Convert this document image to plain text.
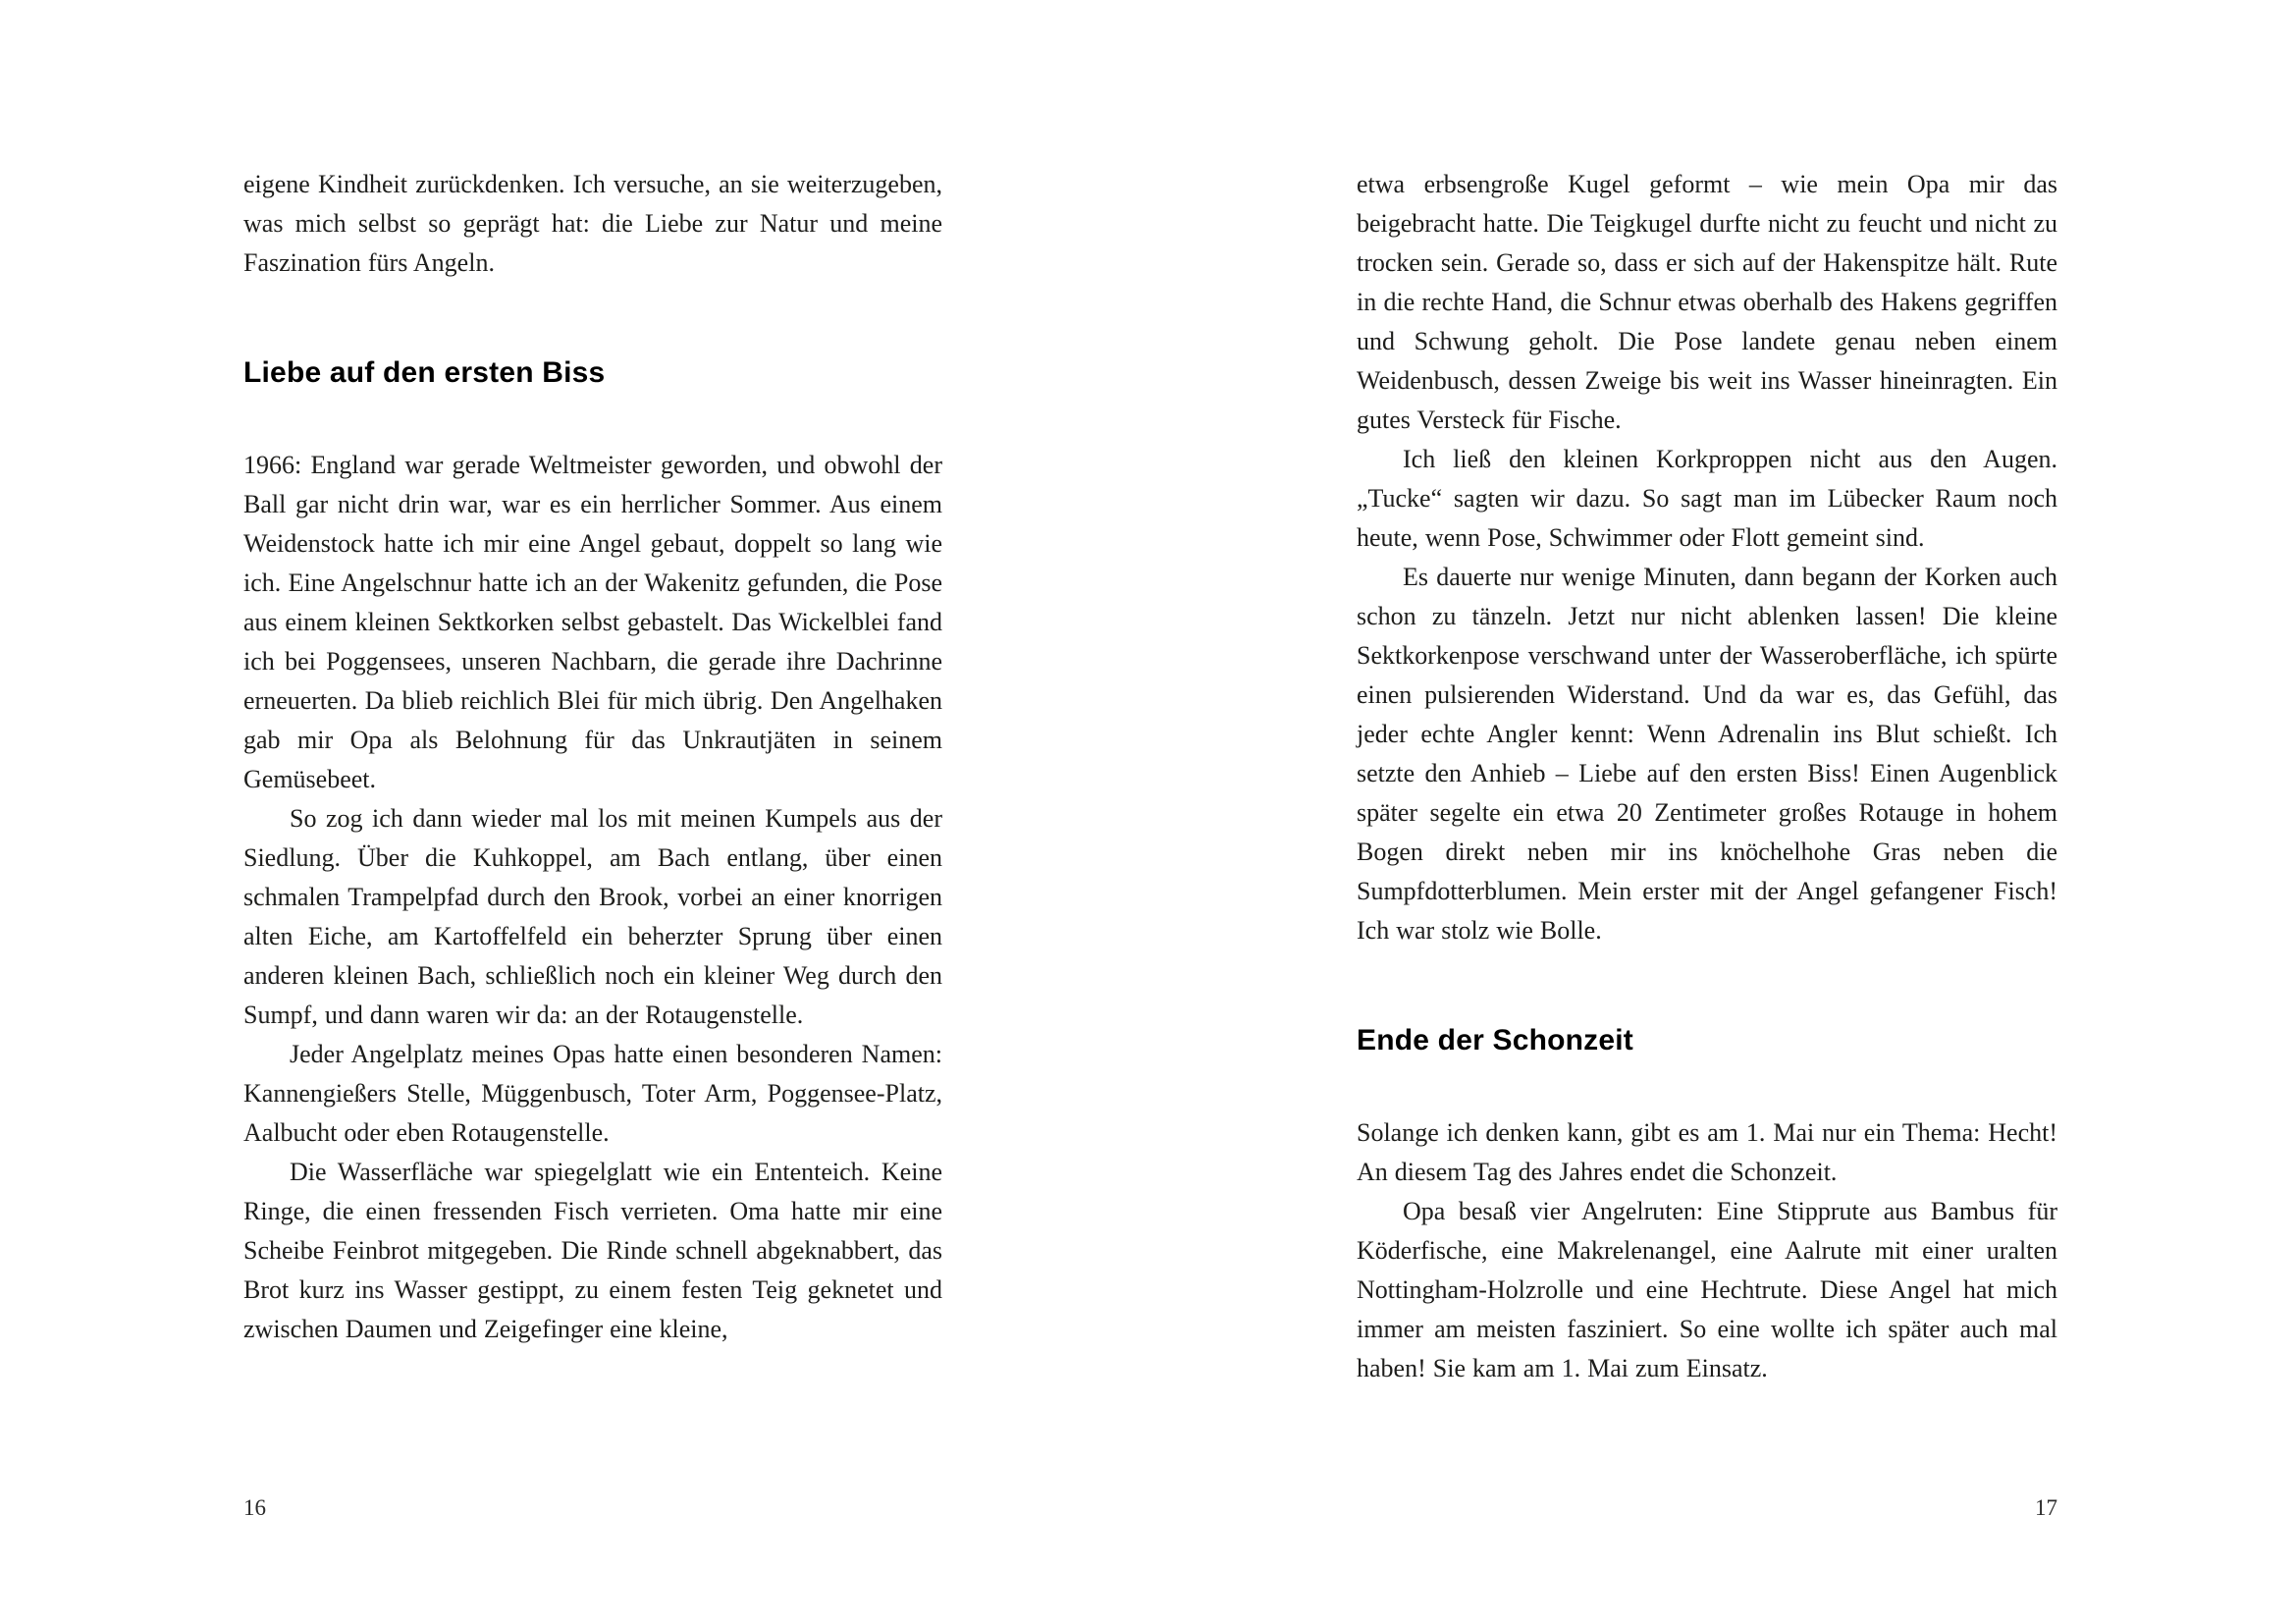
eigene Kindheit zurückdenken. Ich versuche, an sie weiterzugeben, was mich selbst so geprägt hat: die Liebe zur Natur und meine Faszination fürs Angeln.

Liebe auf den ersten Biss

1966: England war gerade Weltmeister geworden, und obwohl der Ball gar nicht drin war, war es ein herrlicher Sommer. Aus einem Weidenstock hatte ich mir eine Angel gebaut, doppelt so lang wie ich. Eine Angelschnur hatte ich an der Wakenitz gefunden, die Pose aus einem kleinen Sektkorken selbst gebastelt. Das Wickelblei fand ich bei Poggensees, unseren Nachbarn, die gerade ihre Dachrinne erneuerten. Da blieb reichlich Blei für mich übrig. Den Angelhaken gab mir Opa als Belohnung für das Unkrautjäten in seinem Gemüsebeet.

So zog ich dann wieder mal los mit meinen Kumpels aus der Siedlung. Über die Kuhkoppel, am Bach entlang, über einen schmalen Trampelpfad durch den Brook, vorbei an einer knorrigen alten Eiche, am Kartoffelfeld ein beherzter Sprung über einen anderen kleinen Bach, schließlich noch ein kleiner Weg durch den Sumpf, und dann waren wir da: an der Rotaugenstelle.

Jeder Angelplatz meines Opas hatte einen besonderen Namen: Kannengießers Stelle, Müggenbusch, Toter Arm, Poggensee-Platz, Aalbucht oder eben Rotaugenstelle.

Die Wasserfläche war spiegelglatt wie ein Ententeich. Keine Ringe, die einen fressenden Fisch verrieten. Oma hatte mir eine Scheibe Feinbrot mitgegeben. Die Rinde schnell abgeknabbert, das Brot kurz ins Wasser gestippt, zu einem festen Teig geknetet und zwischen Daumen und Zeigefinger eine kleine,

16

etwa erbsengroße Kugel geformt – wie mein Opa mir das beigebracht hatte. Die Teigkugel durfte nicht zu feucht und nicht zu trocken sein. Gerade so, dass er sich auf der Hakenspitze hält. Rute in die rechte Hand, die Schnur etwas oberhalb des Hakens gegriffen und Schwung geholt. Die Pose landete genau neben einem Weidenbusch, dessen Zweige bis weit ins Wasser hineinragten. Ein gutes Versteck für Fische.

Ich ließ den kleinen Korkproppen nicht aus den Augen. „Tucke“ sagten wir dazu. So sagt man im Lübecker Raum noch heute, wenn Pose, Schwimmer oder Flott gemeint sind.

Es dauerte nur wenige Minuten, dann begann der Korken auch schon zu tänzeln. Jetzt nur nicht ablenken lassen! Die kleine Sektkorkenpose verschwand unter der Wasseroberfläche, ich spürte einen pulsierenden Widerstand. Und da war es, das Gefühl, das jeder echte Angler kennt: Wenn Adrenalin ins Blut schießt. Ich setzte den Anhieb – Liebe auf den ersten Biss! Einen Augenblick später segelte ein etwa 20 Zentimeter großes Rotauge in hohem Bogen direkt neben mir ins knöchelhohe Gras neben die Sumpfdotterblumen. Mein erster mit der Angel gefangener Fisch! Ich war stolz wie Bolle.

Ende der Schonzeit

Solange ich denken kann, gibt es am 1. Mai nur ein Thema: Hecht! An diesem Tag des Jahres endet die Schonzeit.

Opa besaß vier Angelruten: Eine Stipprute aus Bambus für Köderfische, eine Makrelenangel, eine Aalrute mit einer uralten Nottingham-Holzrolle und eine Hechtrute. Diese Angel hat mich immer am meisten fasziniert. So eine wollte ich später auch mal haben! Sie kam am 1. Mai zum Einsatz.

17
